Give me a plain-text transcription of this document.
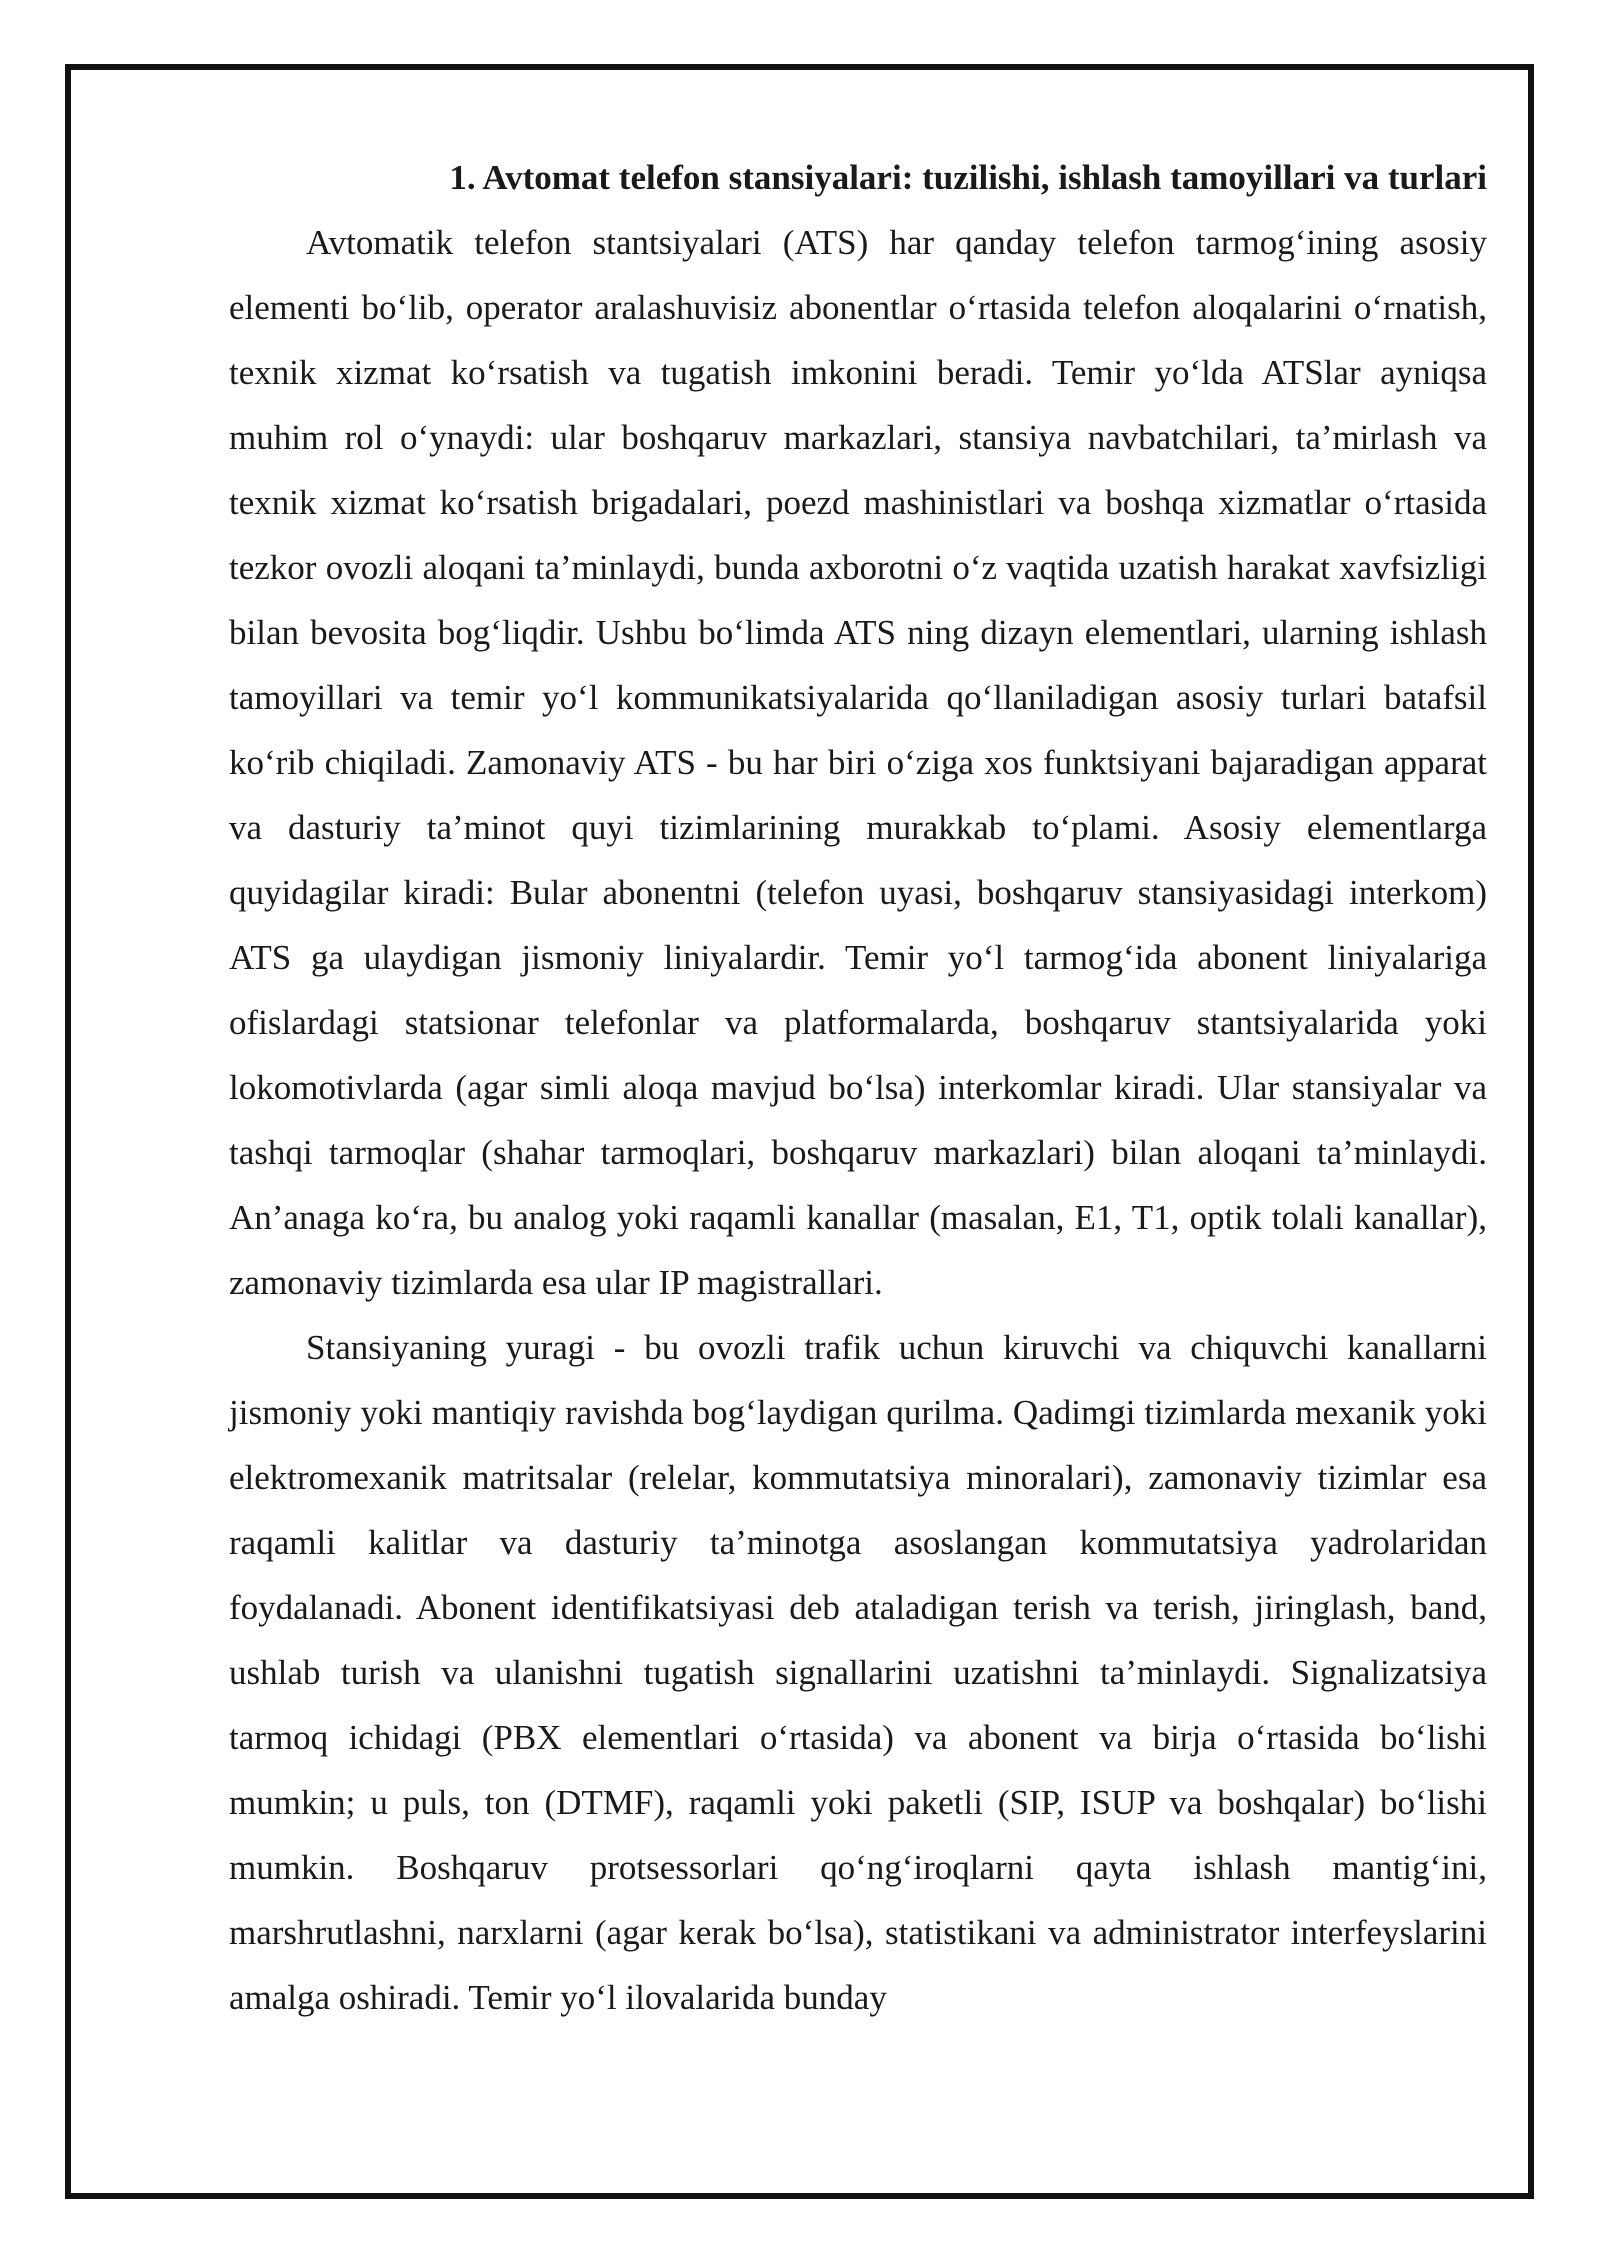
1. Avtomat telefon stansiyalari: tuzilishi, ishlash tamoyillari va turlari

Avtomatik telefon stantsiyalari (ATS) har qanday telefon tarmog‘ining asosiy elementi bo‘lib, operator aralashuvisiz abonentlar o‘rtasida telefon aloqalarini o‘rnatish, texnik xizmat ko‘rsatish va tugatish imkonini beradi. Temir yo‘lda ATSlar ayniqsa muhim rol o‘ynaydi: ular boshqaruv markazlari, stansiya navbatchilari, ta’mirlash va texnik xizmat ko‘rsatish brigadalari, poezd mashinistlari va boshqa xizmatlar o‘rtasida tezkor ovozli aloqani ta’minlaydi, bunda axborotni o‘z vaqtida uzatish harakat xavfsizligi bilan bevosita bog‘liqdir. Ushbu bo‘limda ATS ning dizayn elementlari, ularning ishlash tamoyillari va temir yo‘l kommunikatsiyalarida qo‘llaniladigan asosiy turlari batafsil ko‘rib chiqiladi. Zamonaviy ATS - bu har biri o‘ziga xos funktsiyani bajaradigan apparat va dasturiy ta’minot quyi tizimlarining murakkab to‘plami. Asosiy elementlarga quyidagilar kiradi: Bular abonentni (telefon uyasi, boshqaruv stansiyasidagi interkom) ATS ga ulaydigan jismoniy liniyalardir. Temir yo‘l tarmog‘ida abonent liniyalariga ofislardagi statsionar telefonlar va platformalarda, boshqaruv stantsiyalarida yoki lokomotivlarda (agar simli aloqa mavjud bo‘lsa) interkomlar kiradi. Ular stansiyalar va tashqi tarmoqlar (shahar tarmoqlari, boshqaruv markazlari) bilan aloqani ta’minlaydi. An’anaga ko‘ra, bu analog yoki raqamli kanallar (masalan, E1, T1, optik tolali kanallar), zamonaviy tizimlarda esa ular IP magistrallari.

Stansiyaning yuragi - bu ovozli trafik uchun kiruvchi va chiquvchi kanallarni jismoniy yoki mantiqiy ravishda bog‘laydigan qurilma. Qadimgi tizimlarda mexanik yoki elektromexanik matritsalar (relelar, kommutatsiya minoralari), zamonaviy tizimlar esa raqamli kalitlar va dasturiy ta’minotga asoslangan kommutatsiya yadrolaridan foydalanadi. Abonent identifikatsiyasi deb ataladigan terish va terish, jiringlash, band, ushlab turish va ulanishni tugatish signallarini uzatishni ta’minlaydi. Signalizatsiya tarmoq ichidagi (PBX elementlari o‘rtasida) va abonent va birja o‘rtasida bo‘lishi mumkin; u puls, ton (DTMF), raqamli yoki paketli (SIP, ISUP va boshqalar) bo‘lishi mumkin. Boshqaruv protsessorlari qo‘ng‘iroqlarni qayta ishlash mantig‘ini, marshrutlashni, narxlarni (agar kerak bo‘lsa), statistikani va administrator interfeyslarini amalga oshiradi. Temir yo‘l ilovalarida bunday
